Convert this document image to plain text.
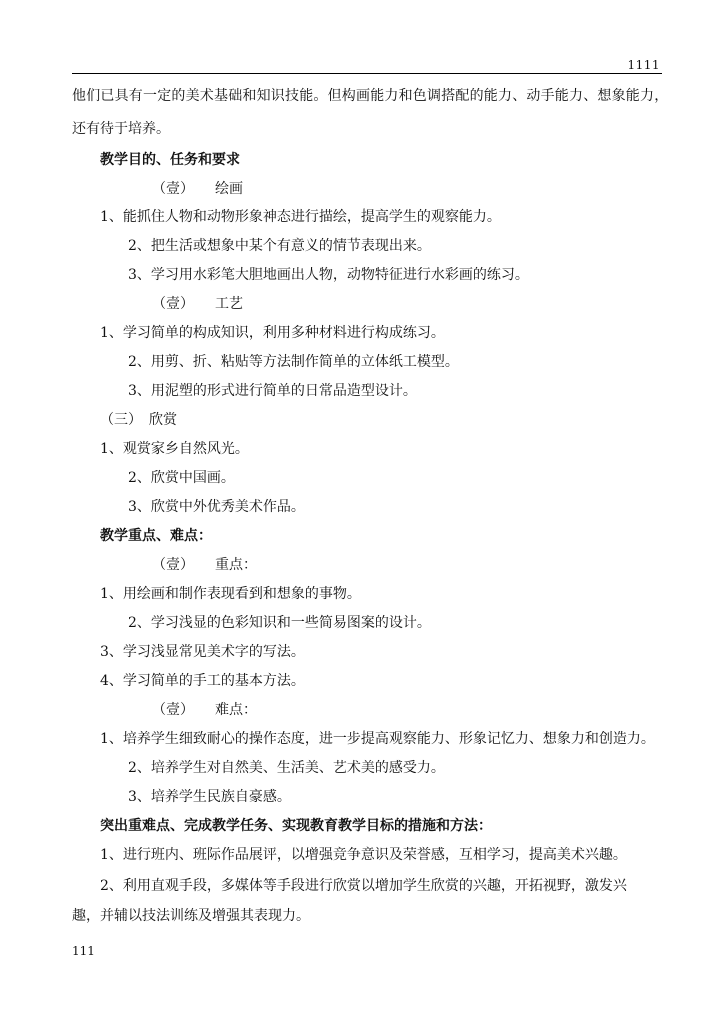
1111
他们已具有一定的美术基础和知识技能。但构画能力和色调搭配的能力、动手能力、想象能力，
还有待于培养。
教学目的、任务和要求
（壹）　　绘画
1、能抓住人物和动物形象神态进行描绘，提高学生的观察能力。
2、把生活或想象中某个有意义的情节表现出来。
3、学习用水彩笔大胆地画出人物，动物特征进行水彩画的练习。
（壹）　　工艺
1、学习简单的构成知识，利用多种材料进行构成练习。
2、用剪、折、粘贴等方法制作简单的立体纸工模型。
3、用泥塑的形式进行简单的日常品造型设计。
（三）　欣赏
1、观赏家乡自然风光。
2、欣赏中国画。
3、欣赏中外优秀美术作品。
教学重点、难点：
（壹）　　重点：
1、用绘画和制作表现看到和想象的事物。
2、学习浅显的色彩知识和一些简易图案的设计。
3、学习浅显常见美术字的写法。
4、学习简单的手工的基本方法。
（壹）　　难点：
1、培养学生细致耐心的操作态度，进一步提高观察能力、形象记忆力、想象力和创造力。
2、培养学生对自然美、生活美、艺术美的感受力。
3、培养学生民族自豪感。
突出重难点、完成教学任务、实现教育教学目标的措施和方法：
1、进行班内、班际作品展评，以增强竞争意识及荣誉感，互相学习，提高美术兴趣。
2、利用直观手段，多媒体等手段进行欣赏以增加学生欣赏的兴趣，开拓视野，激发兴
趣，并辅以技法训练及增强其表现力。
111
